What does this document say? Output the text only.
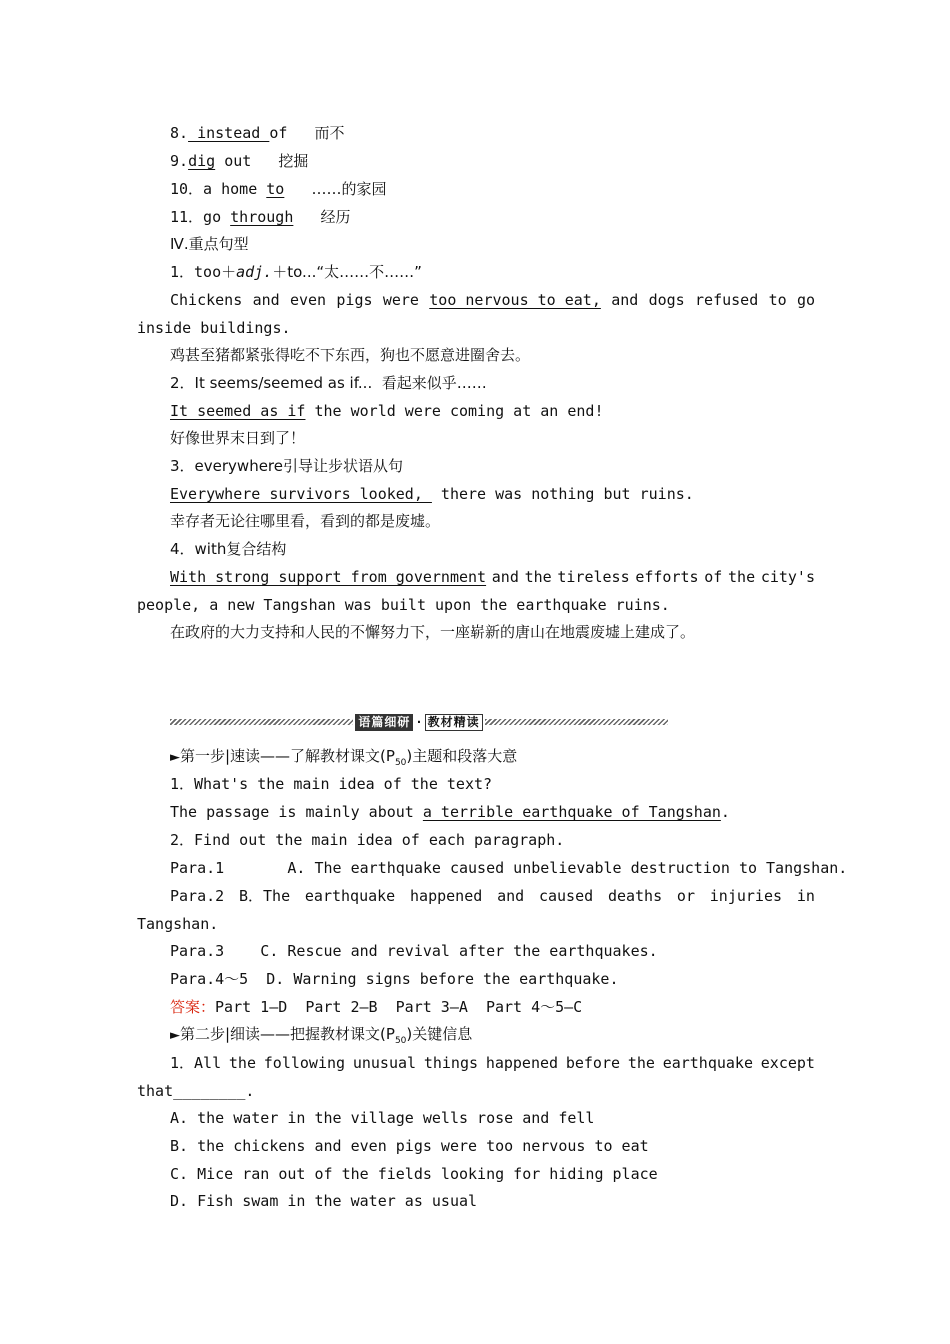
8. instead of 而不
9.dig out 挖掘
10．a home to ……的家园
11．go through 经历
Ⅳ.重点句型
1．too＋adj.＋to...“太……不……”
Chickens and even pigs were too nervous to eat, and dogs refused to go
inside buildings.
鸡甚至猪都紧张得吃不下东西，狗也不愿意进圈舍去。
2．It seems/seemed as if...  看起来似乎……
It seemed as if the world were coming at an end!
好像世界末日到了！
3．everywhere引导让步状语从句
Everywhere survivors looked,  there was nothing but ruins.
幸存者无论往哪里看，看到的都是废墟。
4．with复合结构
With strong support from government and the tireless efforts of the city's
people, a new Tangshan was built upon the earthquake ruins.
在政府的大力支持和人民的不懈努力下，一座崭新的唐山在地震废墟上建成了。
语篇细研 · 教材精读
►第一步|速读——了解教材课文$(P_{50})$主题和段落大意
1．What's the main idea of the text?
The passage is mainly about a terrible earthquake of Tangshan.
2．Find out the main idea of each paragraph.
Para.1       A. The earthquake caused unbelievable destruction to Tangshan.
Para.2 B．The earthquake happened and caused deaths or injuries in
Tangshan.
Para.3    C. Rescue and revival after the earthquakes.
Para.4～5  D. Warning signs before the earthquake.
答案：Part 1—D  Part 2—B  Part 3—A  Part 4～5—C
►第二步|细读——把握教材课文$(P_{50})$关键信息
1．All the following unusual things happened before the earthquake except
that________.
A. the water in the village wells rose and fell
B. the chickens and even pigs were too nervous to eat
C. Mice ran out of the fields looking for hiding place
D. Fish swam in the water as usual
